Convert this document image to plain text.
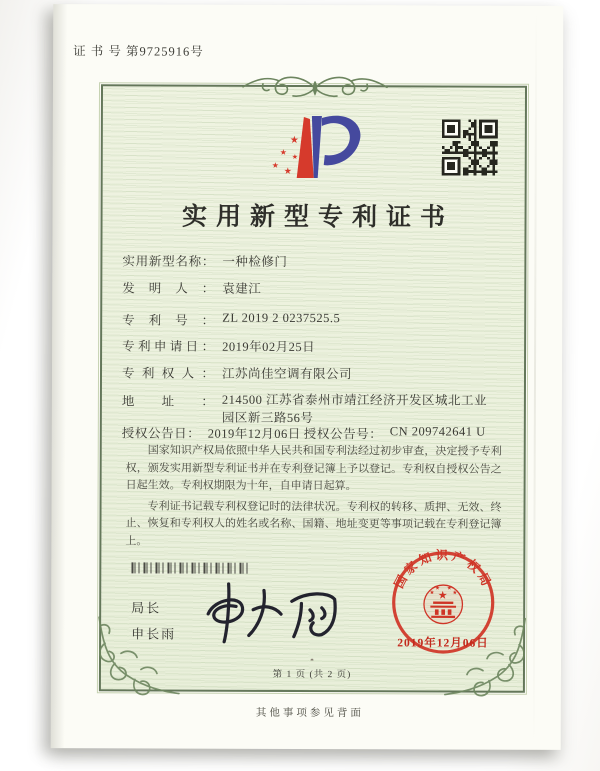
证 书 号 第9725916号
★
★
★
★
★
实用新型专利证书
实用新型名称： 一种检修门
发明人： 袁建江
专利号： ZL 2019 2 0237525.5
专利申请日： 2019年02月25日
专利权人： 江苏尚佳空调有限公司
地址： 214500 江苏省泰州市靖江经济开发区城北工业园区新三路56号
授权公告日： 2019年12月06日 授权公告号： CN 209742641 U

国家知识产权局依照中华人民共和国专利法经过初步审查，决定授予专利权，颁发实用新型专利证书并在专利登记簿上予以登记。专利权自授权公告之日起生效。专利权期限为十年，自申请日起算。

专利证书记载专利权登记时的法律状况。专利权的转移、质押、无效、终止、恢复和专利权人的姓名或名称、国籍、地址变更等事项记载在专利登记簿上。

局长
申长雨
国家知识产权局
★
★
★ ★
★
2019年12月06日
*
第 1 页 (共 2 页)
其他事项参见背面
